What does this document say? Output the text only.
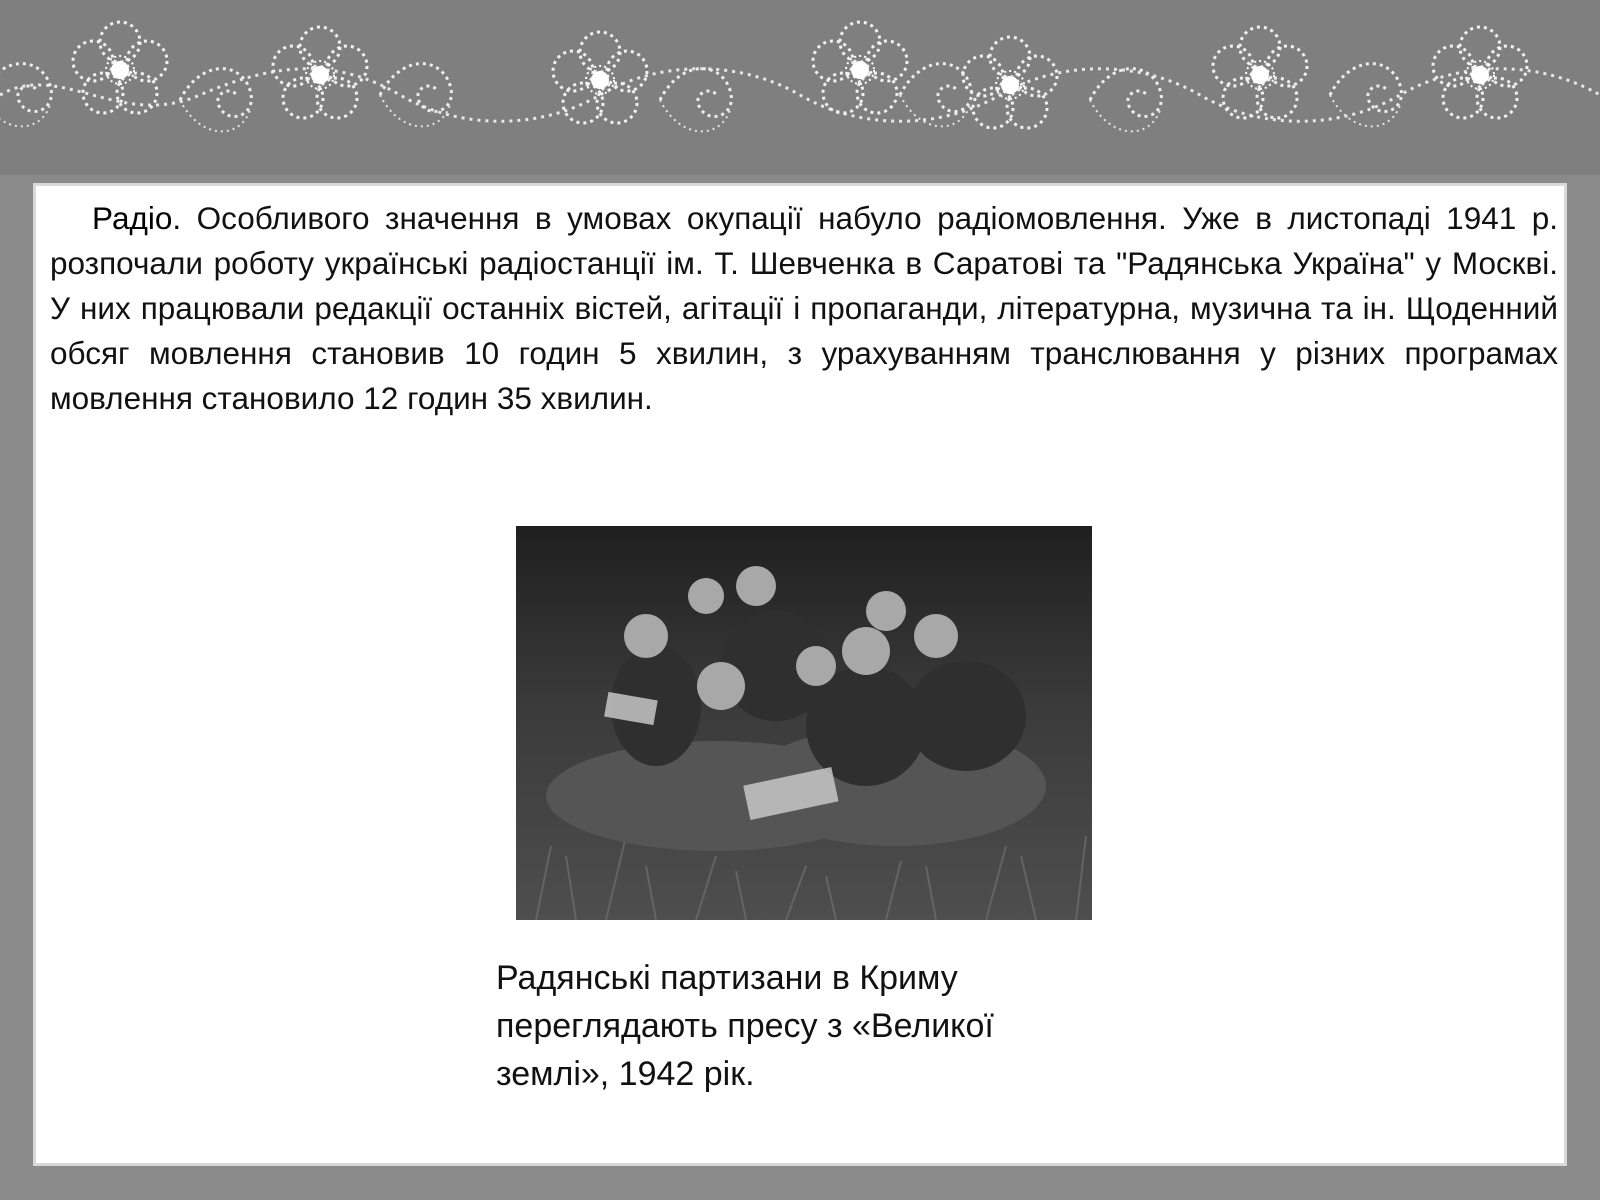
Радіо. Особливого значення в умовах окупації набуло радіомовлення. Уже в листопаді 1941 р. розпочали роботу українські радіостанції ім. Т. Шевченка в Саратові та "Радянська Україна" у Москві. У них працювали редакції останніх вістей, агітації і пропаганди, літературна, музична та ін. Щоденний обсяг мовлення становив 10 годин 5 хвилин, з урахуванням транслювання у різних програмах мовлення становило 12 годин 35 хвилин.

Радянські партизани в Криму переглядають пресу з «Великої землі», 1942 рік.
